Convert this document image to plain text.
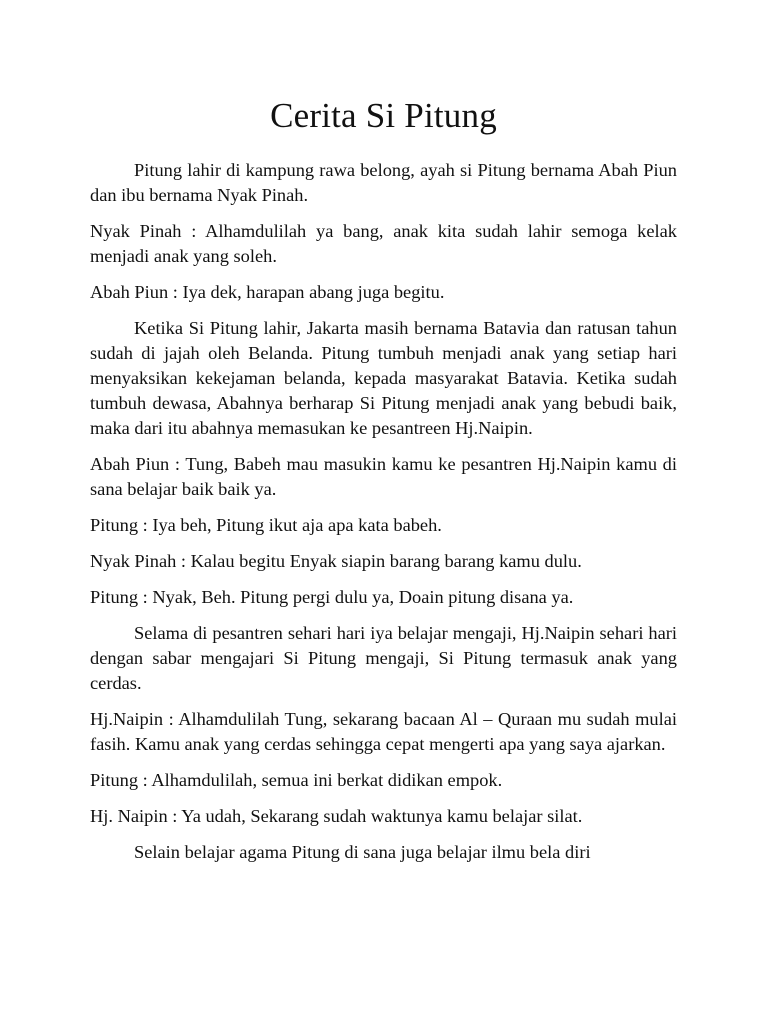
Cerita Si Pitung

Pitung lahir di kampung rawa belong, ayah si Pitung bernama Abah Piun dan ibu bernama Nyak Pinah.

Nyak Pinah : Alhamdulilah ya bang, anak kita sudah lahir semoga kelak menjadi anak yang soleh.

Abah Piun : Iya dek, harapan abang juga begitu.

Ketika Si Pitung lahir, Jakarta masih bernama Batavia dan ratusan tahun sudah di jajah oleh Belanda. Pitung tumbuh menjadi anak yang setiap hari menyaksikan kekejaman belanda, kepada masyarakat Batavia. Ketika sudah tumbuh dewasa, Abahnya berharap Si Pitung menjadi anak yang bebudi baik, maka dari itu abahnya memasukan ke pesantreen Hj.Naipin.

Abah Piun : Tung, Babeh mau masukin kamu ke pesantren Hj.Naipin kamu di sana belajar baik baik ya.

Pitung : Iya beh, Pitung ikut aja apa kata babeh.

Nyak Pinah : Kalau begitu Enyak siapin barang barang kamu dulu.

Pitung : Nyak, Beh. Pitung pergi dulu ya, Doain pitung disana ya.

Selama di pesantren sehari hari iya belajar mengaji, Hj.Naipin sehari hari dengan sabar mengajari Si Pitung mengaji, Si Pitung termasuk anak yang cerdas.

Hj.Naipin : Alhamdulilah Tung, sekarang bacaan Al – Quraan mu sudah mulai fasih. Kamu anak yang cerdas sehingga cepat mengerti apa yang saya ajarkan.

Pitung : Alhamdulilah, semua ini berkat didikan empok.

Hj. Naipin : Ya udah, Sekarang sudah waktunya kamu belajar silat.

Selain belajar agama Pitung di sana juga belajar ilmu bela diri
